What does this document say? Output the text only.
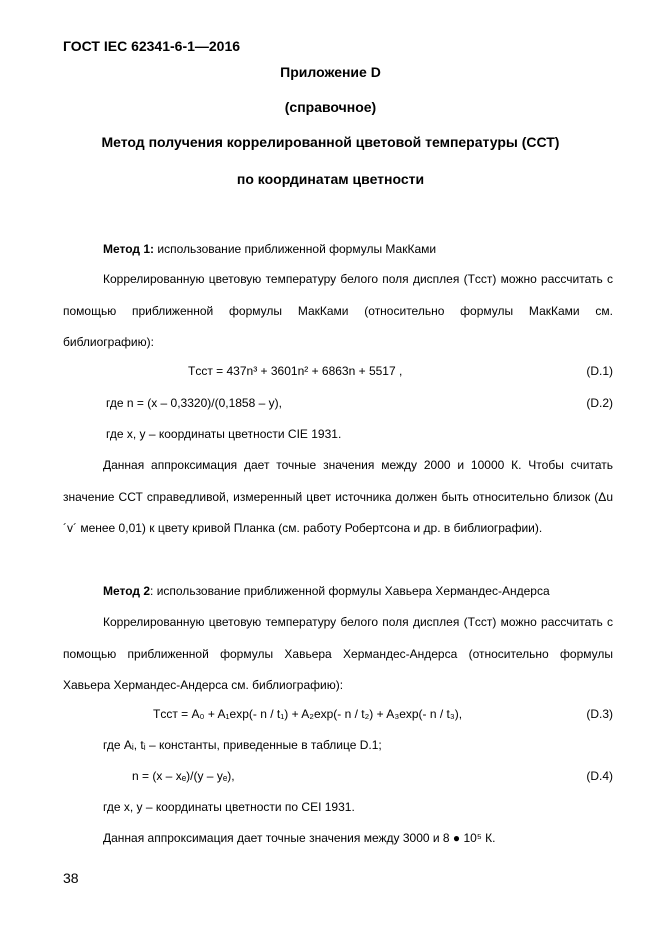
ГОСТ IEC 62341-6-1—2016
Приложение D
(справочное)
Метод получения коррелированной цветовой температуры (ССТ)
по координатам цветности
Метод 1: использование приближенной формулы МакКами
Коррелированную цветовую температуру белого поля дисплея (Tсст) можно рассчитать с помощью приближенной формулы МакКами (относительно формулы МакКами см. библиографию):
Tсст = 437n³ + 3601n² + 6863n + 5517 ,	(D.1)
где n = (x – 0,3320)/(0,1858 – y),	(D.2)
где x, y – координаты цветности CIE 1931.
Данная аппроксимация дает точные значения между 2000 и 10000 К. Чтобы считать значение ССТ справедливой, измеренный цвет источника должен быть относительно близок (Δu´v´ менее 0,01) к цвету кривой Планка (см. работу Робертсона и др. в библиографии).
Метод 2: использование приближенной формулы Хавьера Хермандес-Андерса
Коррелированную цветовую температуру белого поля дисплея (Tсст) можно рассчитать с помощью приближенной формулы Хавьера Хермандес-Андерса (относительно формулы Хавьера Хермандес-Андерса см. библиографию):
Tсст = A₀ + A₁exp(- n / t₁) + A₂exp(- n / t₂) + A₃exp(- n / t₃),	(D.3)
где Aᵢ, tᵢ – константы, приведенные в таблице D.1;
n = (x – xₑ)/(y – yₑ),	(D.4)
где x, y – координаты цветности по CEI 1931.
Данная аппроксимация дает точные значения между 3000 и 8 ● 10⁵ К.
38
